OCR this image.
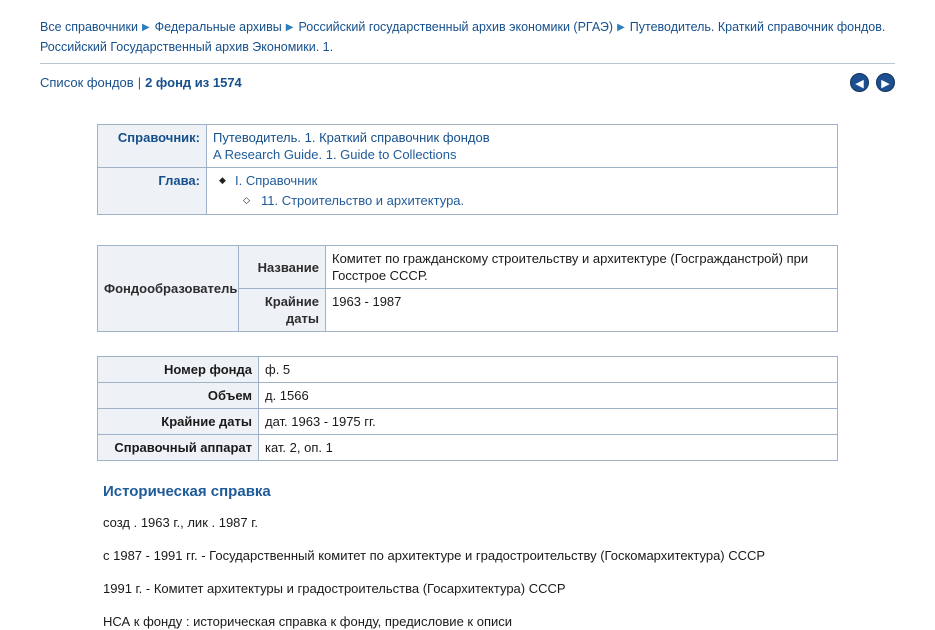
Все справочники ▶ Федеральные архивы ▶ Российский государственный архив экономики (РГАЭ) ▶ Путеводитель. Краткий справочник фондов. Российский Государственный архив Экономики. 1.
Список фондов | 2 фонд из 1574	◀	▶
Справочник:	Путеводитель. 1. Краткий справочник фондов
A Research Guide. 1. Guide to Collections

Глава:	
◆I. Справочник
◇ 11. Строительство и архитектура.
Фондообразователь	Название	Комитет по гражданскому строительству и архитектуре (Госгражданстрой) при Госстрое СССР.
	Крайние даты	1963 - 1987
Номер фонда	ф. 5
Объем	д. 1566
Крайние даты	дат. 1963 - 1975 гг.
Справочный аппарат	кат. 2, оп. 1
Историческая справка

созд . 1963 г., лик . 1987 г.

с 1987 - 1991 гг. - Государственный комитет по архитектуре и градостроительству (Госкомархитектура) СССР

1991 г. - Комитет архитектуры и градостроительства (Госархитектура) СССР

НСА к фонду : историческая справка к фонду, предисловие к описи
